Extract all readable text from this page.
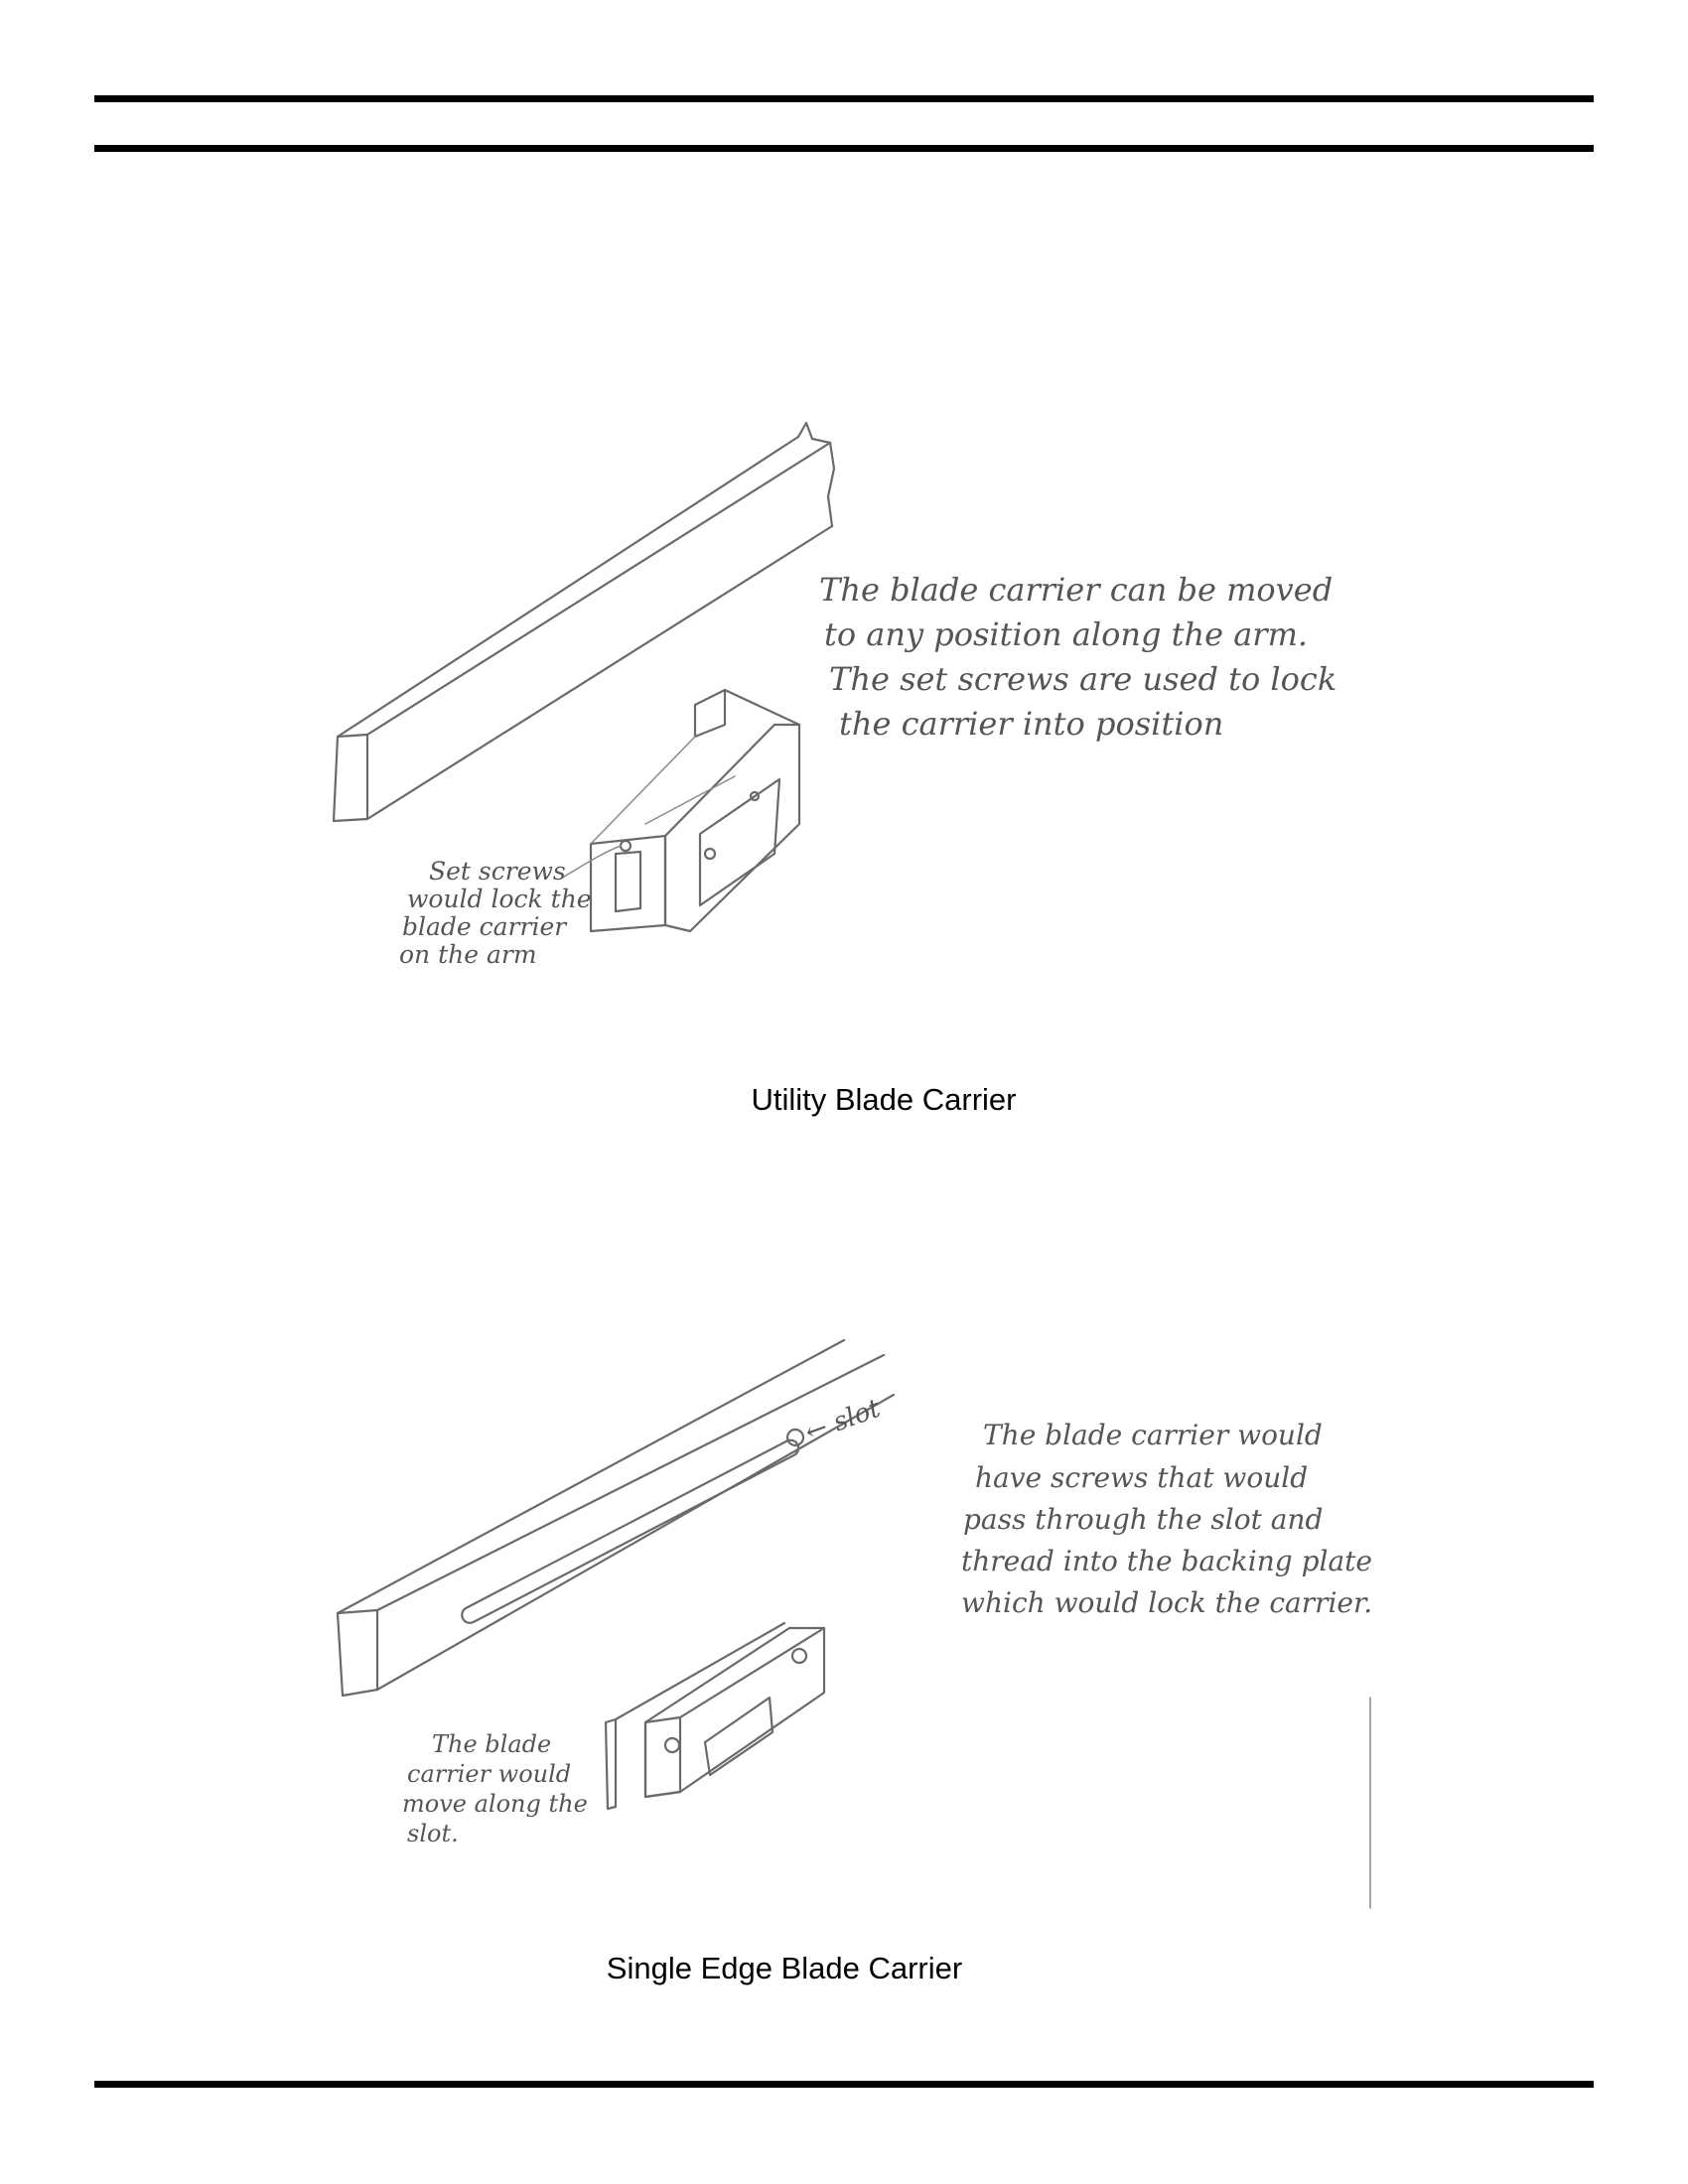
Set screws
would lock the
blade carrier
on the arm
The blade carrier can be moved
to any position along the arm.
The set screws are used to lock
the carrier into position
Utility Blade Carrier
← slot
The blade
carrier would
move along the
slot.
The blade carrier would
have screws that would
pass through the slot and
thread into the backing plate
which would lock the carrier.
Single Edge Blade Carrier
